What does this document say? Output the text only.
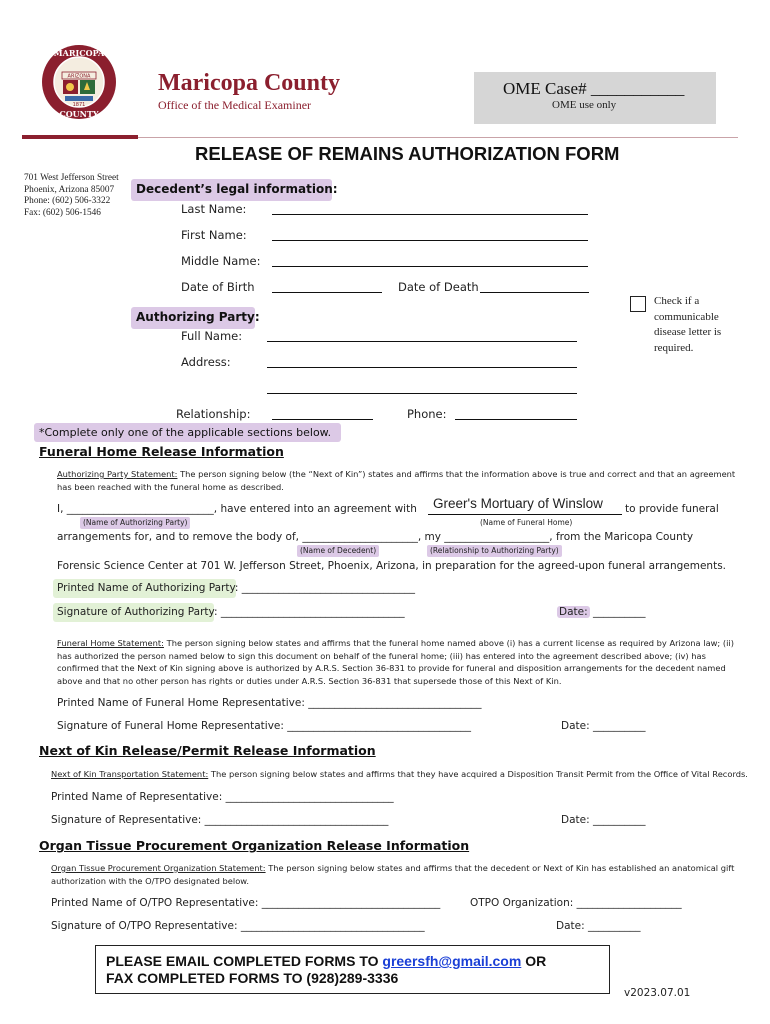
ARIZONA
1871
MARICOPA
COUNTY
Maricopa County
Office of the Medical Examiner
OME Case# ___________
OME use only
RELEASE OF REMAINS AUTHORIZATION FORM
701 West Jefferson Street
Phoenix, Arizona 85007
Phone: (602) 506-3322
Fax: (602) 506-1546
Decedent’s legal information:
Last Name:
First Name:
Middle Name:
Date of Birth	Date of Death
Check if a communicable disease letter is required.
Authorizing Party:
Full Name:
Address:
Relationship:	Phone:
*Complete only one of the applicable sections below.
Funeral Home Release Information
Authorizing Party Statement: The person signing below (the “Next of Kin”) states and affirms that the information above is true and correct and that an agreement has been reached with the funeral home as described.
I, ____________________________, have entered into an agreement with Greer's Mortuary of Winslow to provide funeral
(Name of Authorizing Party)	(Name of Funeral Home)
arrangements for, and to remove the body of, ______________________, my ____________________, from the Maricopa County
(Name of Decedent)	(Relationship to Authorizing Party)
Forensic Science Center at 701 W. Jefferson Street, Phoenix, Arizona, in preparation for the agreed-upon funeral arrangements.
Printed Name of Authorizing Party: _________________________________
Signature of Authorizing Party: ___________________________________	Date: __________
Funeral Home Statement: The person signing below states and affirms that the funeral home named above (i) has a current license as required by Arizona law; (ii) has authorized the person named below to sign this document on behalf of the funeral home; (iii) has entered into the agreement described above; (iv) has confirmed that the Next of Kin signing above is authorized by A.R.S. Section 36-831 to provide for funeral and disposition arrangements for the decedent named above and that no other person has rights or duties under A.R.S. Section 36-831 that supersede those of this Next of Kin.
Printed Name of Funeral Home Representative: _________________________________
Signature of Funeral Home Representative: ___________________________________	Date: __________
Next of Kin Release/Permit Release Information
Next of Kin Transportation Statement: The person signing below states and affirms that they have acquired a Disposition Transit Permit from the Office of Vital Records.
Printed Name of Representative: ________________________________
Signature of Representative: ___________________________________	Date: __________
Organ Tissue Procurement Organization Release Information
Organ Tissue Procurement Organization Statement: The person signing below states and affirms that the decedent or Next of Kin has established an anatomical gift authorization with the O/TPO designated below.
Printed Name of O/TPO Representative: __________________________________	OTPO Organization: ____________________
Signature of O/TPO Representative: ___________________________________	Date: __________
PLEASE EMAIL COMPLETED FORMS TO greersfh@gmail.com OR
FAX COMPLETED FORMS TO (928)289-3336
v2023.07.01
